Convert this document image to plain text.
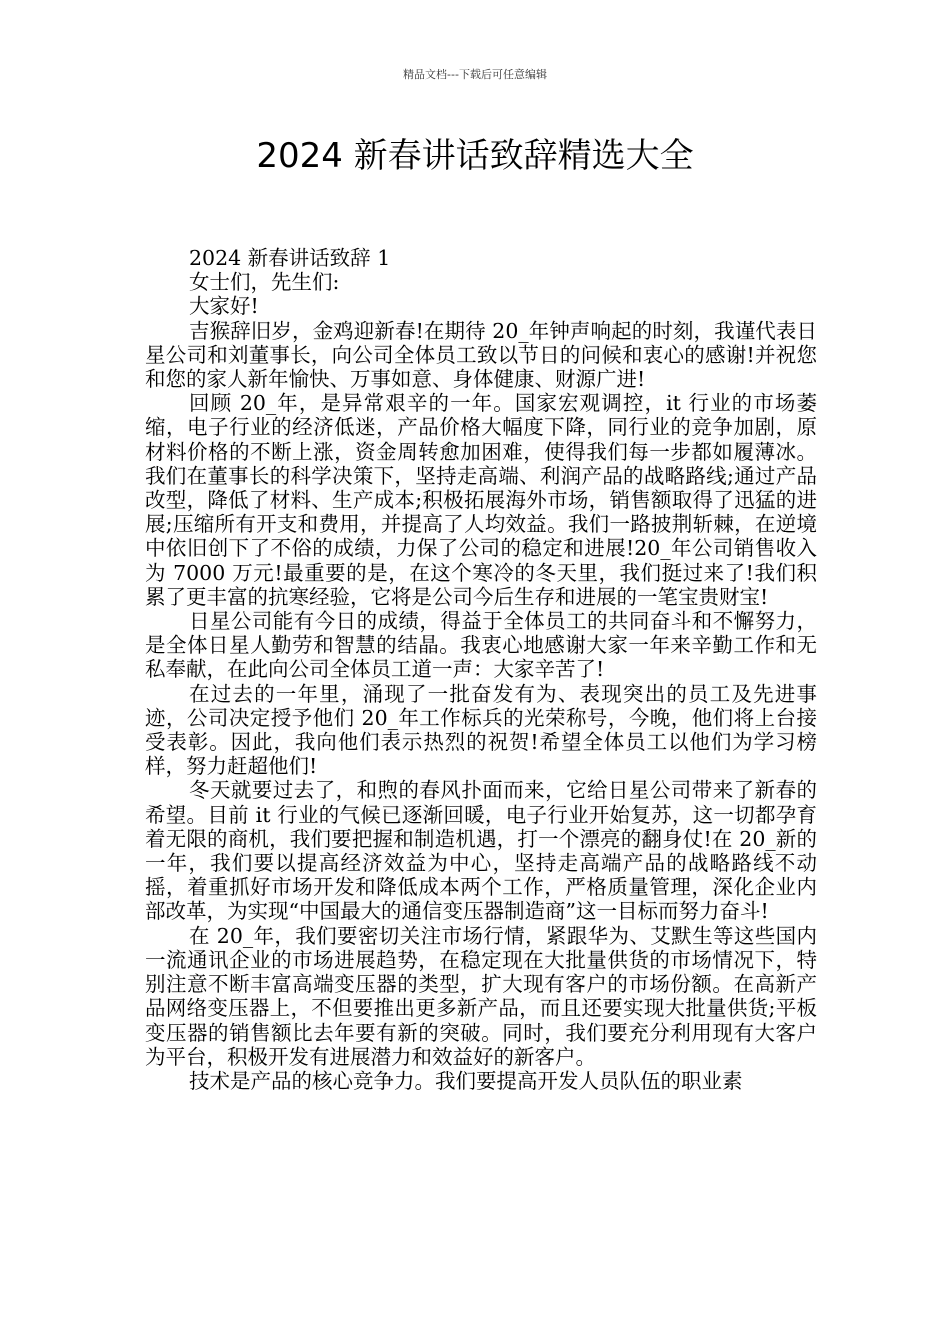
精品文档---下载后可任意编辑
2024 新春讲话致辞精选大全

2024 新春讲话致辞 1

女士们，先生们:

大家好!

吉猴辞旧岁，金鸡迎新春!在期待 20_年钟声响起的时刻，我谨代表日星公司和刘董事长，向公司全体员工致以节日的问候和衷心的感谢!并祝您和您的家人新年愉快、万事如意、身体健康、财源广进!

回顾 20_年，是异常艰辛的一年。国家宏观调控，it 行业的市场萎缩，电子行业的经济低迷，产品价格大幅度下降，同行业的竞争加剧，原材料价格的不断上涨，资金周转愈加困难，使得我们每一步都如履薄冰。我们在董事长的科学决策下，坚持走高端、利润产品的战略路线;通过产品改型，降低了材料、生产成本;积极拓展海外市场，销售额取得了迅猛的进展;压缩所有开支和费用，并提高了人均效益。我们一路披荆斩棘，在逆境中依旧创下了不俗的成绩，力保了公司的稳定和进展!20_年公司销售收入为 7000 万元!最重要的是，在这个寒冷的冬天里，我们挺过来了!我们积累了更丰富的抗寒经验，它将是公司今后生存和进展的一笔宝贵财宝!

日星公司能有今日的成绩，得益于全体员工的共同奋斗和不懈努力，是全体日星人勤劳和智慧的结晶。我衷心地感谢大家一年来辛勤工作和无私奉献，在此向公司全体员工道一声：大家辛苦了!

在过去的一年里，涌现了一批奋发有为、表现突出的员工及先进事迹，公司决定授予他们 20_年工作标兵的光荣称号，今晚，他们将上台接受表彰。因此，我向他们表示热烈的祝贺!希望全体员工以他们为学习榜样，努力赶超他们!

冬天就要过去了，和煦的春风扑面而来，它给日星公司带来了新春的希望。目前 it 行业的气候已逐渐回暖，电子行业开始复苏，这一切都孕育着无限的商机，我们要把握和制造机遇，打一个漂亮的翻身仗!在 20_新的一年，我们要以提高经济效益为中心，坚持走高端产品的战略路线不动摇，着重抓好市场开发和降低成本两个工作，严格质量管理，深化企业内部改革，为实现“中国最大的通信变压器制造商”这一目标而努力奋斗!

在 20_年，我们要密切关注市场行情，紧跟华为、艾默生等这些国内一流通讯企业的市场进展趋势，在稳定现在大批量供货的市场情况下，特别注意不断丰富高端变压器的类型，扩大现有客户的市场份额。在高新产品网络变压器上，不但要推出更多新产品，而且还要实现大批量供货;平板变压器的销售额比去年要有新的突破。同时，我们要充分利用现有大客户为平台，积极开发有进展潜力和效益好的新客户。

技术是产品的核心竞争力。我们要提高开发人员队伍的职业素
